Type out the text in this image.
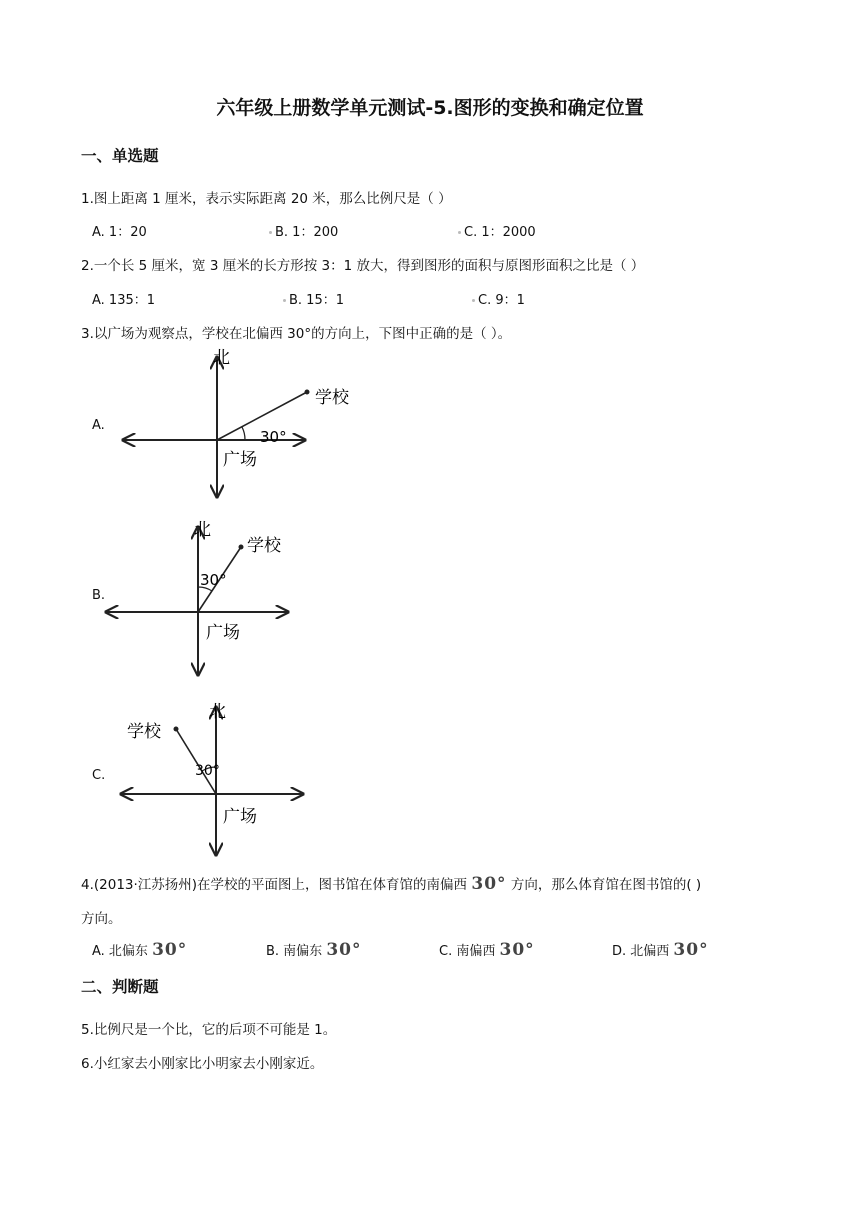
六年级上册数学单元测试-5.图形的变换和确定位置
一、单选题
1.图上距离 1 厘米，表示实际距离 20 米，那么比例尺是（ ）
A. 1：20	B. 1：200	C. 1：2000
2.一个长 5 厘米，宽 3 厘米的长方形按 3：1 放大，得到图形的面积与原图形面积之比是（ ）
A. 135：1	B. 15：1	C. 9：1
3.以广场为观察点，学校在北偏西 30°的方向上，下图中正确的是（ ）。
A.
北
学校
30°
广场
B.
北
学校
30°
广场
C.
北
学校
30°
广场
4.(2013·江苏扬州)在学校的平面图上，图书馆在体育馆的南偏西 30° 方向，那么体育馆在图书馆的( )
方向。
A. 北偏东 30°	B. 南偏东 30°	C. 南偏西 30°	D. 北偏西 30°
二、判断题
5.比例尺是一个比，它的后项不可能是 1。
6.小红家去小刚家比小明家去小刚家近。
